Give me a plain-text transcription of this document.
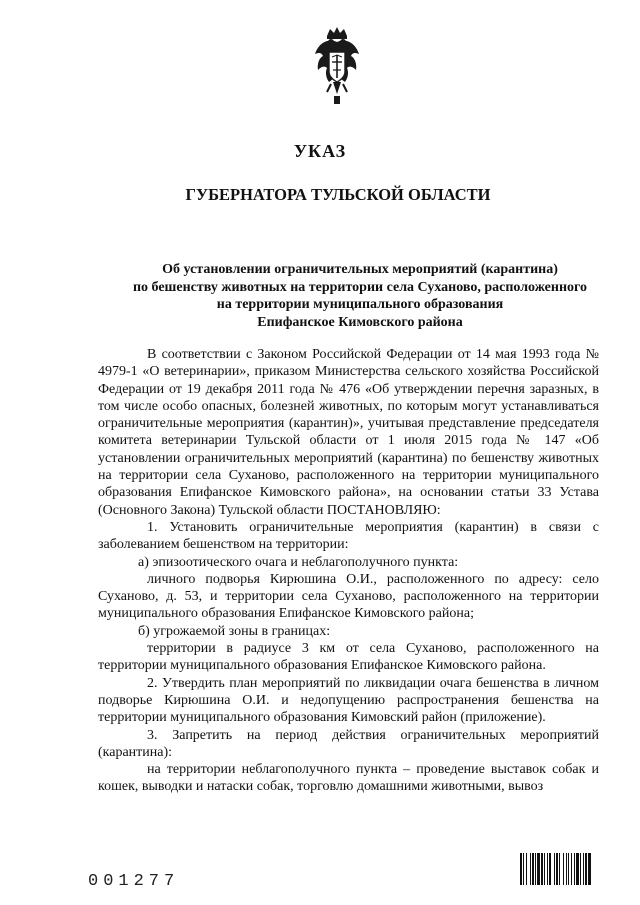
УКАЗ
ГУБЕРНАТОРА ТУЛЬСКОЙ ОБЛАСТИ
Об установлении ограничительных мероприятий (карантина)
по бешенству животных на территории села Суханово, расположенного
на территории муниципального образования
Епифанское Кимовского района

В соответствии с Законом Российской Федерации от 14 мая 1993 года № 4979-1 «О ветеринарии», приказом Министерства сельского хозяйства Российской Федерации от 19 декабря 2011 года № 476 «Об утверждении перечня заразных, в том числе особо опасных, болезней животных, по которым могут устанавливаться ограничительные мероприятия (карантин)», учитывая представление председателя комитета ветеринарии Тульской области от 1 июля 2015 года № 147 «Об установлении ограничительных мероприятий (карантина) по бешенству животных на территории села Суханово, расположенного на территории муниципального образования Епифанское Кимовского района», на основании статьи 33 Устава (Основного Закона) Тульской области ПОСТАНОВЛЯЮ:

1. Установить ограничительные мероприятия (карантин) в связи с заболеванием бешенством на территории:

а) эпизоотического очага и неблагополучного пункта:

личного подворья Кирюшина О.И., расположенного по адресу: село Суханово, д. 53, и территории села Суханово, расположенного на территории муниципального образования Епифанское Кимовского района;

б) угрожаемой зоны в границах:

территории в радиусе 3 км от села Суханово, расположенного на территории муниципального образования Епифанское Кимовского района.

2. Утвердить план мероприятий по ликвидации очага бешенства в личном подворье Кирюшина О.И. и недопущению распространения бешенства на территории муниципального образования Кимовский район (приложение).

3. Запретить на период действия ограничительных мероприятий (карантина):

на территории неблагополучного пункта – проведение выставок собак и кошек, выводки и натаски собак, торговлю домашними животными, вывоз

001277
